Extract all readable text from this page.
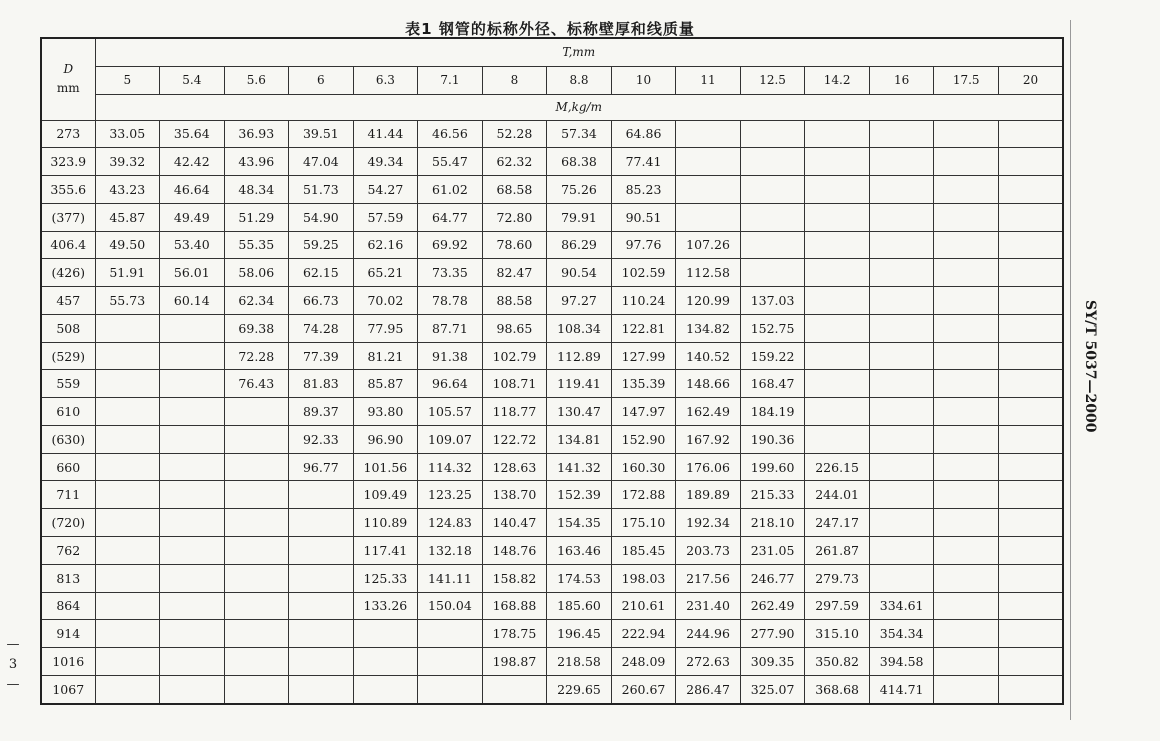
表1 钢管的标称外径、标称壁厚和线质量
D
mm	T,mm														
	5	5.4	5.6	6	6.3	7.1	8	8.8	10	11	12.5	14.2	16	17.5	20
	M,kg/m														
273	33.05	35.64	36.93	39.51	41.44	46.56	52.28	57.34	64.86						
323.9	39.32	42.42	43.96	47.04	49.34	55.47	62.32	68.38	77.41						
355.6	43.23	46.64	48.34	51.73	54.27	61.02	68.58	75.26	85.23						
(377)	45.87	49.49	51.29	54.90	57.59	64.77	72.80	79.91	90.51						
406.4	49.50	53.40	55.35	59.25	62.16	69.92	78.60	86.29	97.76	107.26					
(426)	51.91	56.01	58.06	62.15	65.21	73.35	82.47	90.54	102.59	112.58					
457	55.73	60.14	62.34	66.73	70.02	78.78	88.58	97.27	110.24	120.99	137.03				
508			69.38	74.28	77.95	87.71	98.65	108.34	122.81	134.82	152.75				
(529)			72.28	77.39	81.21	91.38	102.79	112.89	127.99	140.52	159.22				
559			76.43	81.83	85.87	96.64	108.71	119.41	135.39	148.66	168.47				
610				89.37	93.80	105.57	118.77	130.47	147.97	162.49	184.19				
(630)				92.33	96.90	109.07	122.72	134.81	152.90	167.92	190.36				
660				96.77	101.56	114.32	128.63	141.32	160.30	176.06	199.60	226.15			
711					109.49	123.25	138.70	152.39	172.88	189.89	215.33	244.01			
(720)					110.89	124.83	140.47	154.35	175.10	192.34	218.10	247.17			
762					117.41	132.18	148.76	163.46	185.45	203.73	231.05	261.87			
813					125.33	141.11	158.82	174.53	198.03	217.56	246.77	279.73			
864					133.26	150.04	168.88	185.60	210.61	231.40	262.49	297.59	334.61		
914							178.75	196.45	222.94	244.96	277.90	315.10	354.34		
1016							198.87	218.58	248.09	272.63	309.35	350.82	394.58		
1067								229.65	260.67	286.47	325.07	368.68	414.71		
SY/T 5037—2000
— 3 —
